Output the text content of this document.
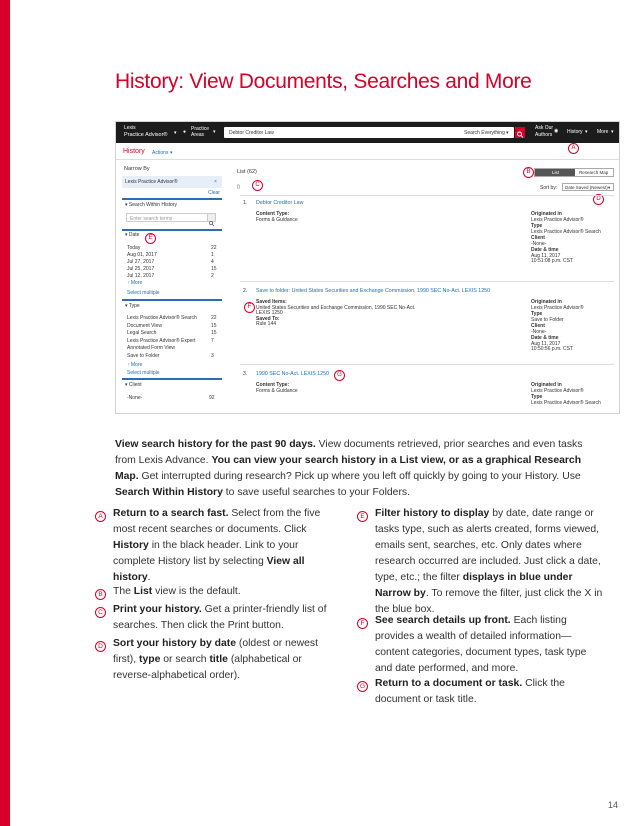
History: View Documents, Searches and More
Lexis
Practice Advisor® ▾ ● Practice
Areas ▾	Debtor Creditor Law	Search Everything ▾
Ask Our
Authors
◉ History ▾ More ▾
History Actions ▾
A
Narrow By
Lexis Practice Advisor®	×
Clear
▾ Search Within History
Enter search terms
▾ Date	E
↑ More
Select multiple
▾ Type	F
↑ More
Select multiple
▾ Client
-None-	92
List (62)	B	List	Research Map
▯	C	Sort by: Date Saved (Newest) ▾
D
G
Today	22
Aug 01, 2017	1
Jul 27, 2017	4
Jul 25, 2017	15
Jul 12, 2017	2
Lexis Practice Advisor® Search	22
Document View	15
Legal Search	15
Lexis Practice Advisor® Expert	7
Annotated Form View
Save to Folder	3
1. Debtor Creditor Law
Content Type:
Forms & Guidance
Originated in
Lexis Practice Advisor®
Type
Lexis Practice Advisor® Search
Client
-None-
Date & time
Aug 11, 2017
10:51:08 p.m. CST
2. Save to folder: United States Securities and Exchange Commission, 1990 SEC No-Act. LEXIS 1250
Saved Items:
United States Securities and Exchange Commission, 1990 SEC No-Act.
LEXIS 1250
Saved To:
Rule 144
Originated in
Lexis Practice Advisor®
Type
Save to Folder
Client
-None-
Date & time
Aug 11, 2017
10:50:56 p.m. CST
3. 1990 SEC No-Act. LEXIS 1250
Content Type:
Forms & Guidance
Originated in
Lexis Practice Advisor®
Type
Lexis Practice Advisor® Search
View search history for the past 90 days. View documents retrieved, prior searches and even tasks from Lexis Advance. You can view your search history in a List view, or as a graphical Research Map. Get interrupted during research? Pick up where you left off quickly by going to your History. Use Search Within History to save useful searches to your Folders.
A Return to a search fast. Select from the five most recent searches or documents. Click History in the black header. Link to your complete History list by selecting View all history.
B The List view is the default.
C Print your history. Get a printer-friendly list of searches. Then click the Print button.
D Sort your history by date (oldest or newest first), type or search title (alphabetical or reverse-alphabetical order).
E Filter history to display by date, date range or tasks type, such as alerts created, forms viewed, emails sent, searches, etc. Only dates where research occurred are included. Just click a date, type, etc.; the filter displays in blue under Narrow by. To remove the filter, just click the X in the blue box.
F	See search details up front. Each listing provides a wealth of detailed information—content categories, document types, task type and date performed, and more.
G Return to a document or task. Click the document or task title.
14
